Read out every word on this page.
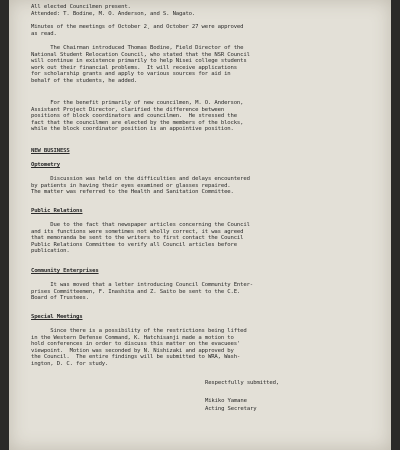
All elected Councilmen present.
Attended: T. Bodine, M. O. Anderson, and S. Nagato.
Minutes of the meetings of October 2¸ and October 27 were approved
as read.
The Chairman introduced Thomas Bodine, Field Director of the
National Student Relocation Council, who stated that the NSR Council
will continue in existence primarily to help Nisei college students
work out their financial problems.  It will receive applications
for scholarship grants and apply to various sources for aid in
behalf of the students, he added.
For the benefit primarily of new councilmen, M. O. Anderson,
Assistant Project Director, clarified the difference between
positions of block coordinators and councilmen.  He stressed the
fact that the councilmen are elected by the members of the blocks,
while the block coordinator position is an appointive position.
NEW BUSINESS
Optometry
Discussion was held on the difficulties and delays encountered
by patients in having their eyes examined or glasses repaired.
The matter was referred to the Health and Sanitation Committee.
Public Relations
Due to the fact that newspaper articles concerning the Council
and its functions were sometimes not wholly correct, it was agreed
that memoranda be sent to the writers to first contact the Council
Public Relations Committee to verify all Council articles before
publication.
Community Enterprises
It was moved that a letter introducing Council Community Enter-
prises Committeemen, F. Inashita and Z. Saito be sent to the C.E.
Board of Trustees.
Special Meetings
Since there is a possibility of the restrictions being lifted
in the Western Defense Command, K. Hatchisanji made a motion to
hold conferences in order to discuss this matter on the evacuees'
viewpoint.  Motion was seconded by N. Nishizaki and approved by
the Council.  The entire findings will be submitted to WRA, Wash-
ington, D. C. for study.
Respectfully submitted,
Mikiko Yamane
Acting Secretary
